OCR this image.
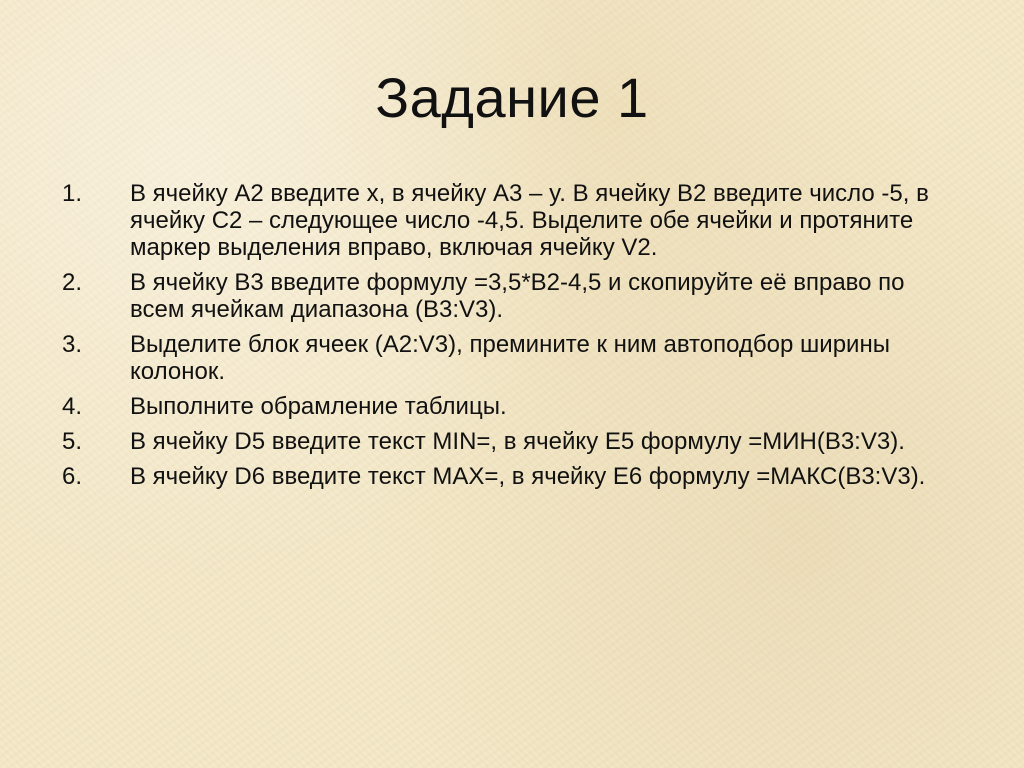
Задание 1
1. В ячейку А2 введите x, в ячейку А3 – y. В ячейку В2 введите число -5, в ячейку С2 – следующее число -4,5. Выделите обе ячейки и протяните маркер выделения вправо, включая ячейку V2.
2. В ячейку В3 введите формулу =3,5*В2-4,5 и скопируйте её вправо по всем ячейкам диапазона (В3:V3).
3. Выделите блок ячеек (А2:V3), премините к ним автоподбор ширины колонок.
4. Выполните обрамление таблицы.
5. В ячейку D5 введите текст MIN=, в ячейку E5 формулу =МИН(В3:V3).
6. В ячейку D6 введите текст MAX=, в ячейку E6 формулу =МАКС(В3:V3).
